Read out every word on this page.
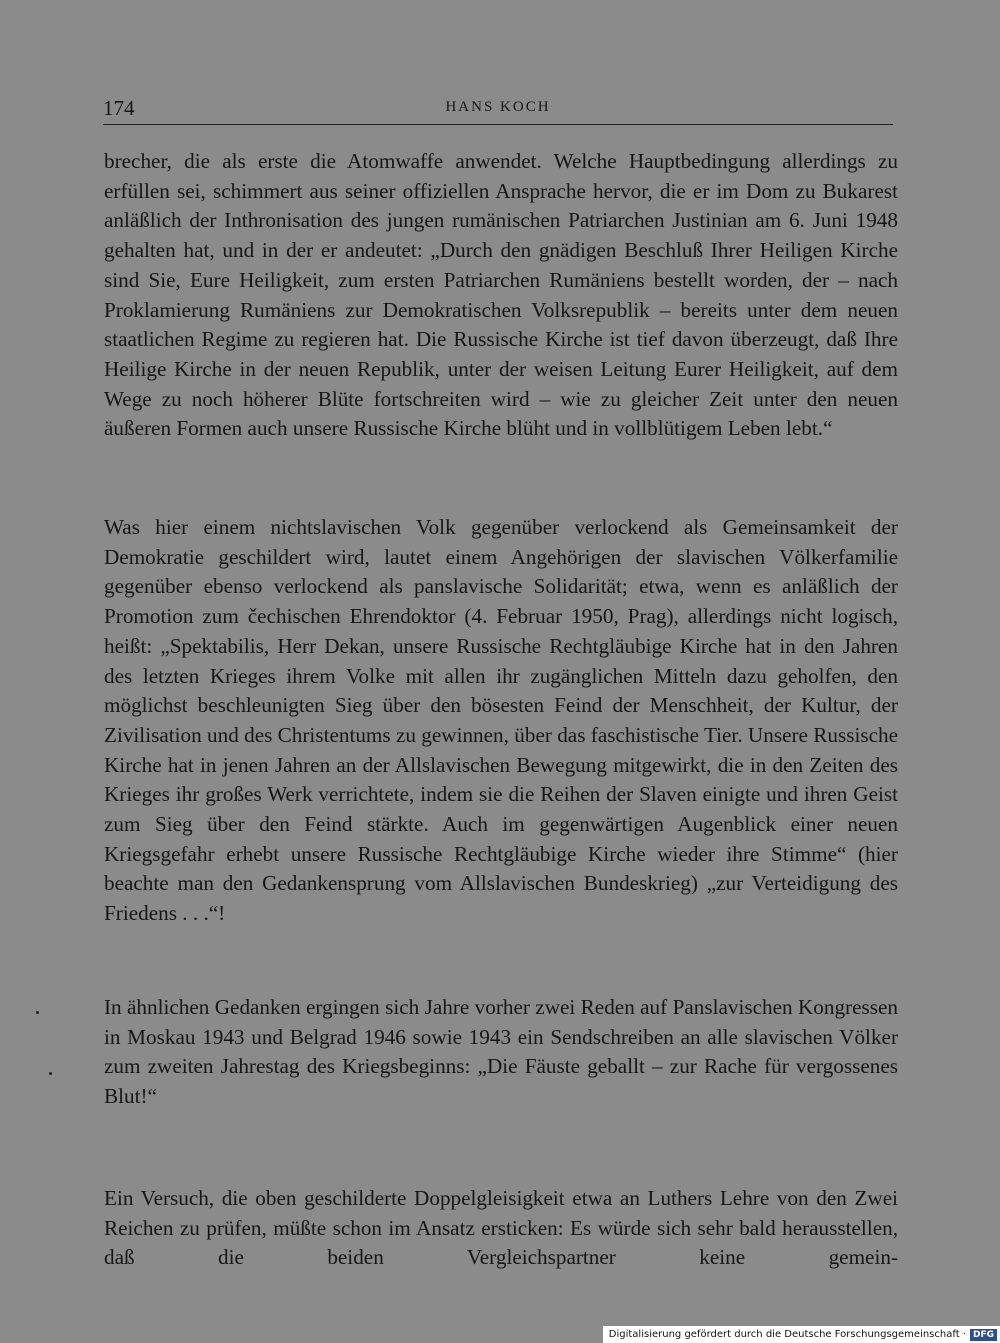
174	HANS KOCH

brecher, die als erste die Atomwaffe anwendet. Welche Hauptbedingung allerdings zu erfüllen sei, schimmert aus seiner offiziellen Ansprache hervor, die er im Dom zu Bukarest anläßlich der Inthronisation des jungen rumänischen Patriarchen Justinian am 6. Juni 1948 gehalten hat, und in der er andeutet: „Durch den gnädigen Beschluß Ihrer Heiligen Kirche sind Sie, Eure Heiligkeit, zum ersten Patriarchen Rumäniens bestellt worden, der – nach Proklamierung Rumäniens zur Demokratischen Volksrepublik – bereits unter dem neuen staatlichen Regime zu regieren hat. Die Russische Kirche ist tief davon überzeugt, daß Ihre Heilige Kirche in der neuen Republik, unter der weisen Leitung Eurer Heiligkeit, auf dem Wege zu noch höherer Blüte fortschreiten wird – wie zu gleicher Zeit unter den neuen äußeren Formen auch unsere Russische Kirche blüht und in vollblütigem Leben lebt.“

Was hier einem nichtslavischen Volk gegenüber verlockend als Gemeinsamkeit der Demokratie geschildert wird, lautet einem Angehörigen der slavischen Völkerfamilie gegenüber ebenso verlockend als panslavische Solidarität; etwa, wenn es anläßlich der Promotion zum čechischen Ehrendoktor (4. Februar 1950, Prag), allerdings nicht logisch, heißt: „Spektabilis, Herr Dekan, unsere Russische Rechtgläubige Kirche hat in den Jahren des letzten Krieges ihrem Volke mit allen ihr zugänglichen Mitteln dazu geholfen, den möglichst beschleunigten Sieg über den bösesten Feind der Menschheit, der Kultur, der Zivilisation und des Christentums zu gewinnen, über das faschistische Tier. Unsere Russische Kirche hat in jenen Jahren an der Allslavischen Bewegung mitgewirkt, die in den Zeiten des Krieges ihr großes Werk verrichtete, indem sie die Reihen der Slaven einigte und ihren Geist zum Sieg über den Feind stärkte. Auch im gegenwärtigen Augenblick einer neuen Kriegsgefahr erhebt unsere Russische Rechtgläubige Kirche wieder ihre Stimme“ (hier beachte man den Gedankensprung vom Allslavischen Bundeskrieg) „zur Verteidigung des Friedens . . .“!

In ähnlichen Gedanken ergingen sich Jahre vorher zwei Reden auf Panslavischen Kongressen in Moskau 1943 und Belgrad 1946 sowie 1943 ein Sendschreiben an alle slavischen Völker zum zweiten Jahrestag des Kriegsbeginns: „Die Fäuste geballt – zur Rache für vergossenes Blut!“

Ein Versuch, die oben geschilderte Doppelgleisigkeit etwa an Luthers Lehre von den Zwei Reichen zu prüfen, müßte schon im Ansatz ersticken: Es würde sich sehr bald herausstellen, daß die beiden Vergleichspartner keine gemein-

Digitalisierung gefördert durch die Deutsche Forschungsgemeinschaft · DFG
